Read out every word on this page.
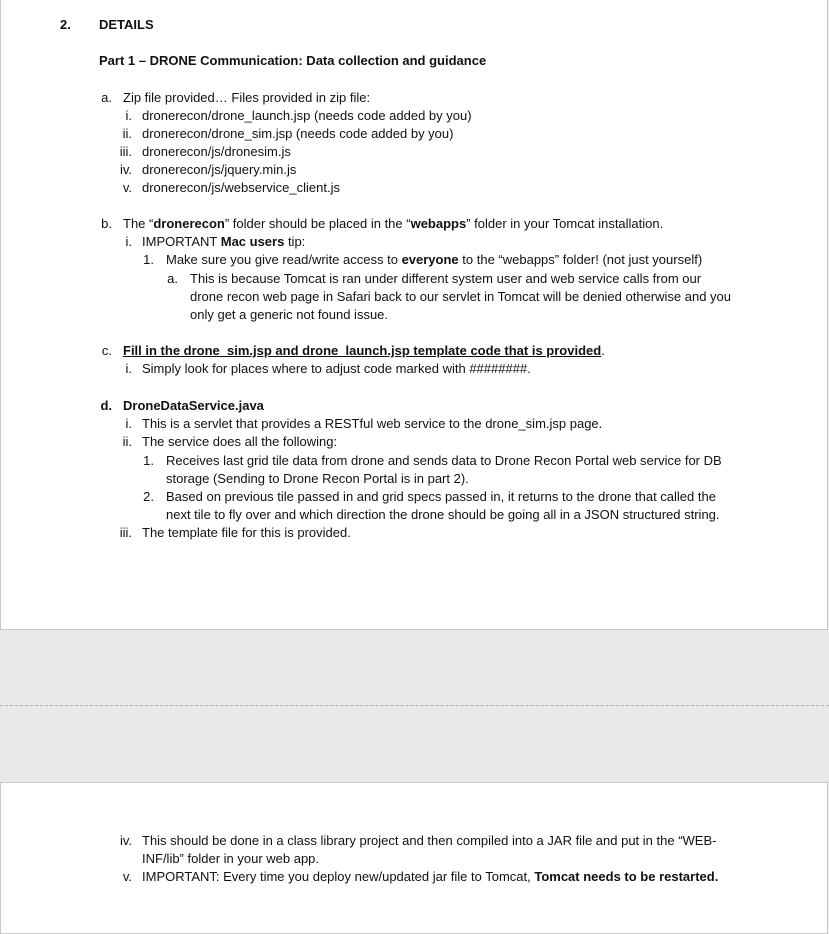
2.	DETAILS
Part 1 – DRONE Communication: Data collection and guidance
a. Zip file provided… Files provided in zip file:
i. dronerecon/drone_launch.jsp (needs code added by you)
ii. dronerecon/drone_sim.jsp (needs code added by you)
iii. dronerecon/js/dronesim.js
iv. dronerecon/js/jquery.min.js
v. dronerecon/js/webservice_client.js
b. The “dronerecon” folder should be placed in the “webapps” folder in your Tomcat installation.
i. IMPORTANT Mac users tip:
1. Make sure you give read/write access to everyone to the “webapps” folder! (not just yourself)
a. This is because Tomcat is ran under different system user and web service calls from our
drone recon web page in Safari back to our servlet in Tomcat will be denied otherwise and you
only get a generic not found issue.
c. Fill in the drone_sim.jsp and drone_launch.jsp template code that is provided.
i. Simply look for places where to adjust code marked with ########.
d. DroneDataService.java
i. This is a servlet that provides a RESTful web service to the drone_sim.jsp page.
ii. The service does all the following:
1. Receives last grid tile data from drone and sends data to Drone Recon Portal web service for DB
storage (Sending to Drone Recon Portal is in part 2).
2. Based on previous tile passed in and grid specs passed in, it returns to the drone that called the
next tile to fly over and which direction the drone should be going all in a JSON structured string.
iii. The template file for this is provided.
iv. This should be done in a class library project and then compiled into a JAR file and put in the “WEB-
INF/lib” folder in your web app.
v. IMPORTANT: Every time you deploy new/updated jar file to Tomcat, Tomcat needs to be restarted.
